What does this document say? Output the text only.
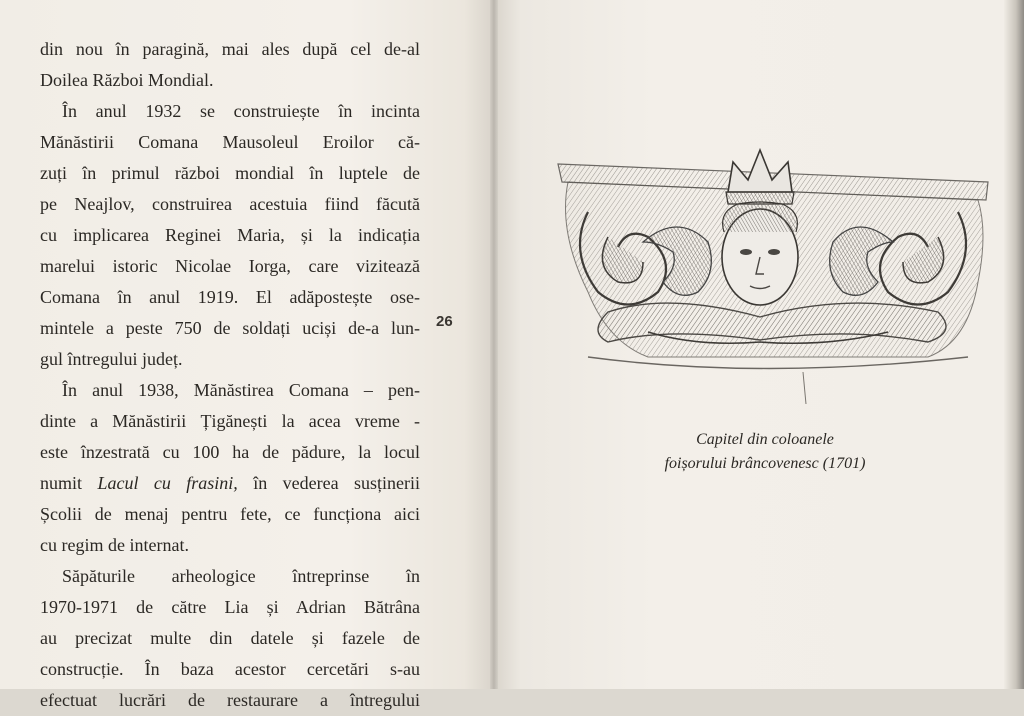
din nou în paragină, mai ales după cel de-al
Doilea Război Mondial.
În anul 1932 se construiește în incinta
Mănăstirii Comana Mausoleul Eroilor că-
zuți în primul război mondial în luptele de
pe Neajlov, construirea acestuia fiind făcută
cu implicarea Reginei Maria, și la indicația
marelui istoric Nicolae Iorga, care vizitează
Comana în anul 1919. El adăpostește ose-
mintele a peste 750 de soldați uciși de-a lun-
gul întregului județ.
În anul 1938, Mănăstirea Comana – pen-
dinte a Mănăstirii Țigănești la acea vreme -
este înzestrată cu 100 ha de pădure, la locul
numit Lacul cu frasini, în vederea susținerii
Școlii de menaj pentru fete, ce funcționa aici
cu regim de internat.
Săpăturile arheologice întreprinse în
1970-1971 de către Lia și Adrian Bătrâna
au precizat multe din datele și fazele de
construcție. În baza acestor cercetări s-au
efectuat lucrări de restaurare a întregului
26
Capitel din coloanele
foișorului brâncovenesc (1701)
